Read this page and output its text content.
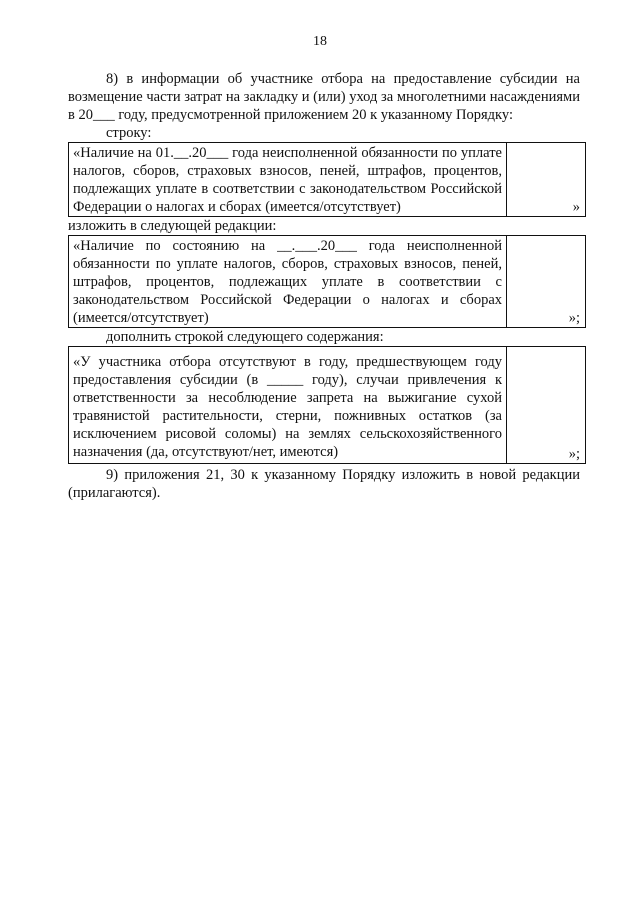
18

8) в информации об участнике отбора на предоставление субсидии на возмещение части затрат на закладку и (или) уход за многолетними насаждениями в 20___ году, предусмотренной приложением 20 к указанному Порядку:

строку:

«Наличие на 01.__.20___ года неисполненной обязанности по уплате налогов, сборов, страховых взносов, пеней, штрафов, процентов, подлежащих уплате в соответствии с законодательством Российской Федерации о налогах и сборах (имеется/отсутствует)	»

изложить в следующей редакции:

«Наличие по состоянию на __.___.20___ года неисполненной обязанности по уплате налогов, сборов, страховых взносов, пеней, штрафов, процентов, подлежащих уплате в соответствии с законодательством Российской Федерации о налогах и сборах (имеется/отсутствует)	»;

дополнить строкой следующего содержания:

«У участника отбора отсутствуют в году, предшествующем году предоставления субсидии (в _____ году), случаи привлечения к ответственности за несоблюдение запрета на выжигание сухой травянистой растительности, стерни, пожнивных остатков (за исключением рисовой соломы) на землях сельскохозяйственного назначения (да, отсутствуют/нет, имеются)	»;

9) приложения 21, 30 к указанному Порядку изложить в новой редакции (прилагаются).
